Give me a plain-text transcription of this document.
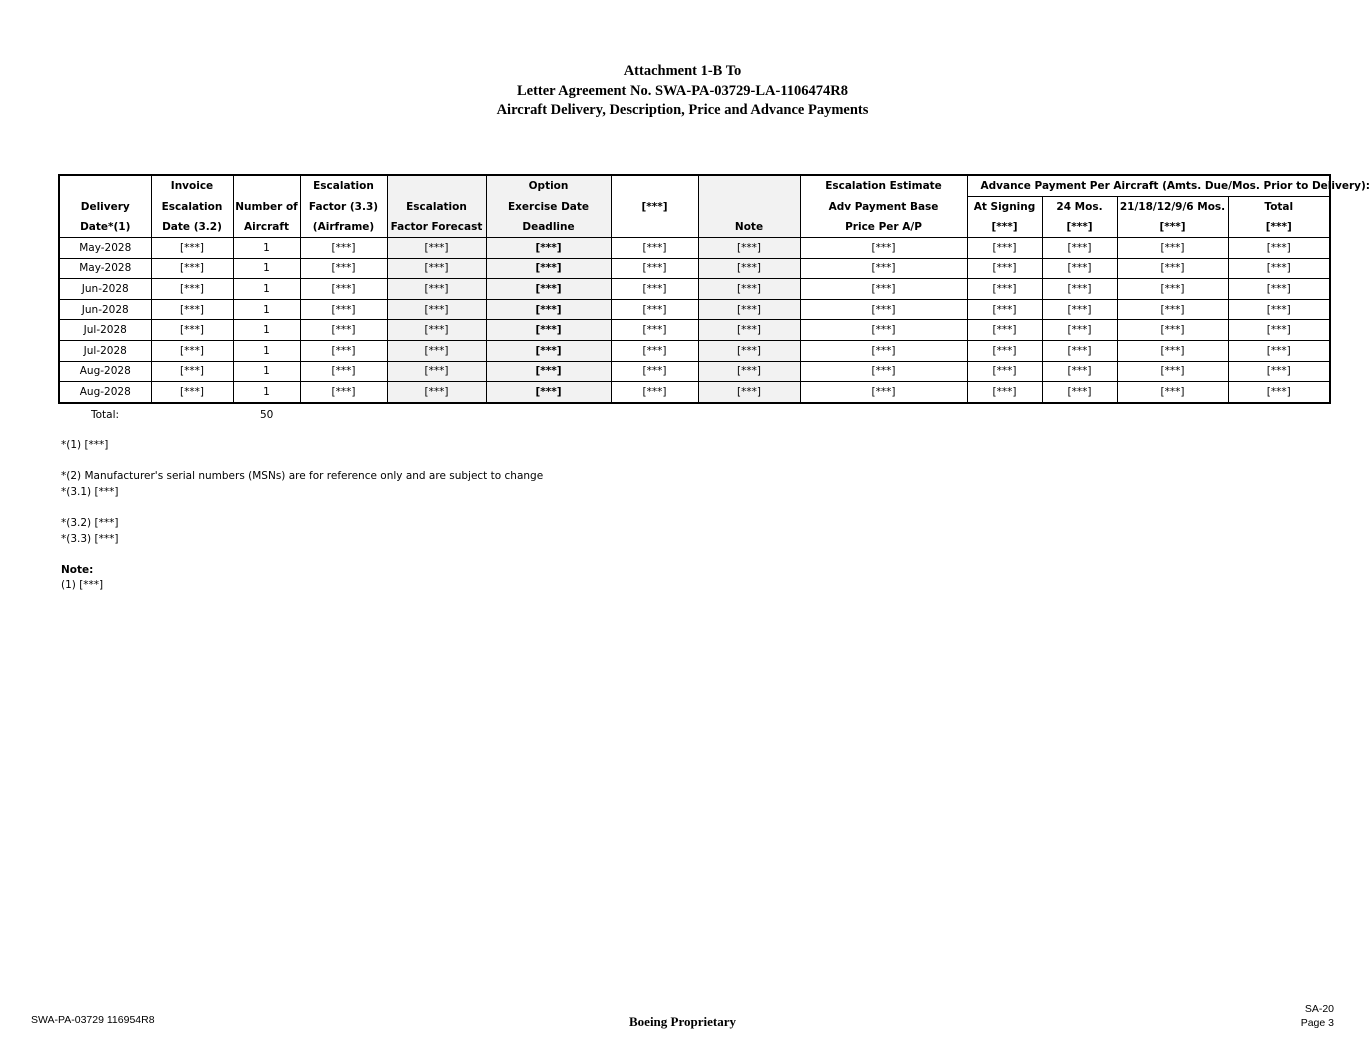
Attachment 1-B To
Letter Agreement No. SWA-PA-03729-LA-1106474R8
Aircraft Delivery, Description, Price and Advance Payments
	Invoice		Escalation		Option			Escalation Estimate	Advance Payment Per Aircraft (Amts. Due/Mos. Prior to Delivery):			
Delivery	Escalation	Number of	Factor (3.3)	Escalation	Exercise Date	[***]		Adv Payment Base	At Signing	24 Mos.	21/18/12/9/6 Mos.	Total
Date*(1)	Date (3.2)	Aircraft	(Airframe)	Factor Forecast	Deadline		Note	Price Per A/P	[***]	[***]	[***]	[***]
May-2028	[***]	1	[***]	[***]	[***]	[***]	[***]	[***]	[***]	[***]	[***]	[***]
May-2028	[***]	1	[***]	[***]	[***]	[***]	[***]	[***]	[***]	[***]	[***]	[***]
Jun-2028	[***]	1	[***]	[***]	[***]	[***]	[***]	[***]	[***]	[***]	[***]	[***]
Jun-2028	[***]	1	[***]	[***]	[***]	[***]	[***]	[***]	[***]	[***]	[***]	[***]
Jul-2028	[***]	1	[***]	[***]	[***]	[***]	[***]	[***]	[***]	[***]	[***]	[***]
Jul-2028	[***]	1	[***]	[***]	[***]	[***]	[***]	[***]	[***]	[***]	[***]	[***]
Aug-2028	[***]	1	[***]	[***]	[***]	[***]	[***]	[***]	[***]	[***]	[***]	[***]
Aug-2028	[***]	1	[***]	[***]	[***]	[***]	[***]	[***]	[***]	[***]	[***]	[***]
Total:	50
*(1) [***]
*(2) Manufacturer's serial numbers (MSNs) are for reference only and are subject to change
*(3.1) [***]
*(3.2) [***]
*(3.3) [***]
Note:
(1) [***]
SWA-PA-03729 116954R8	Boeing Proprietary
SA-20
Page 3
